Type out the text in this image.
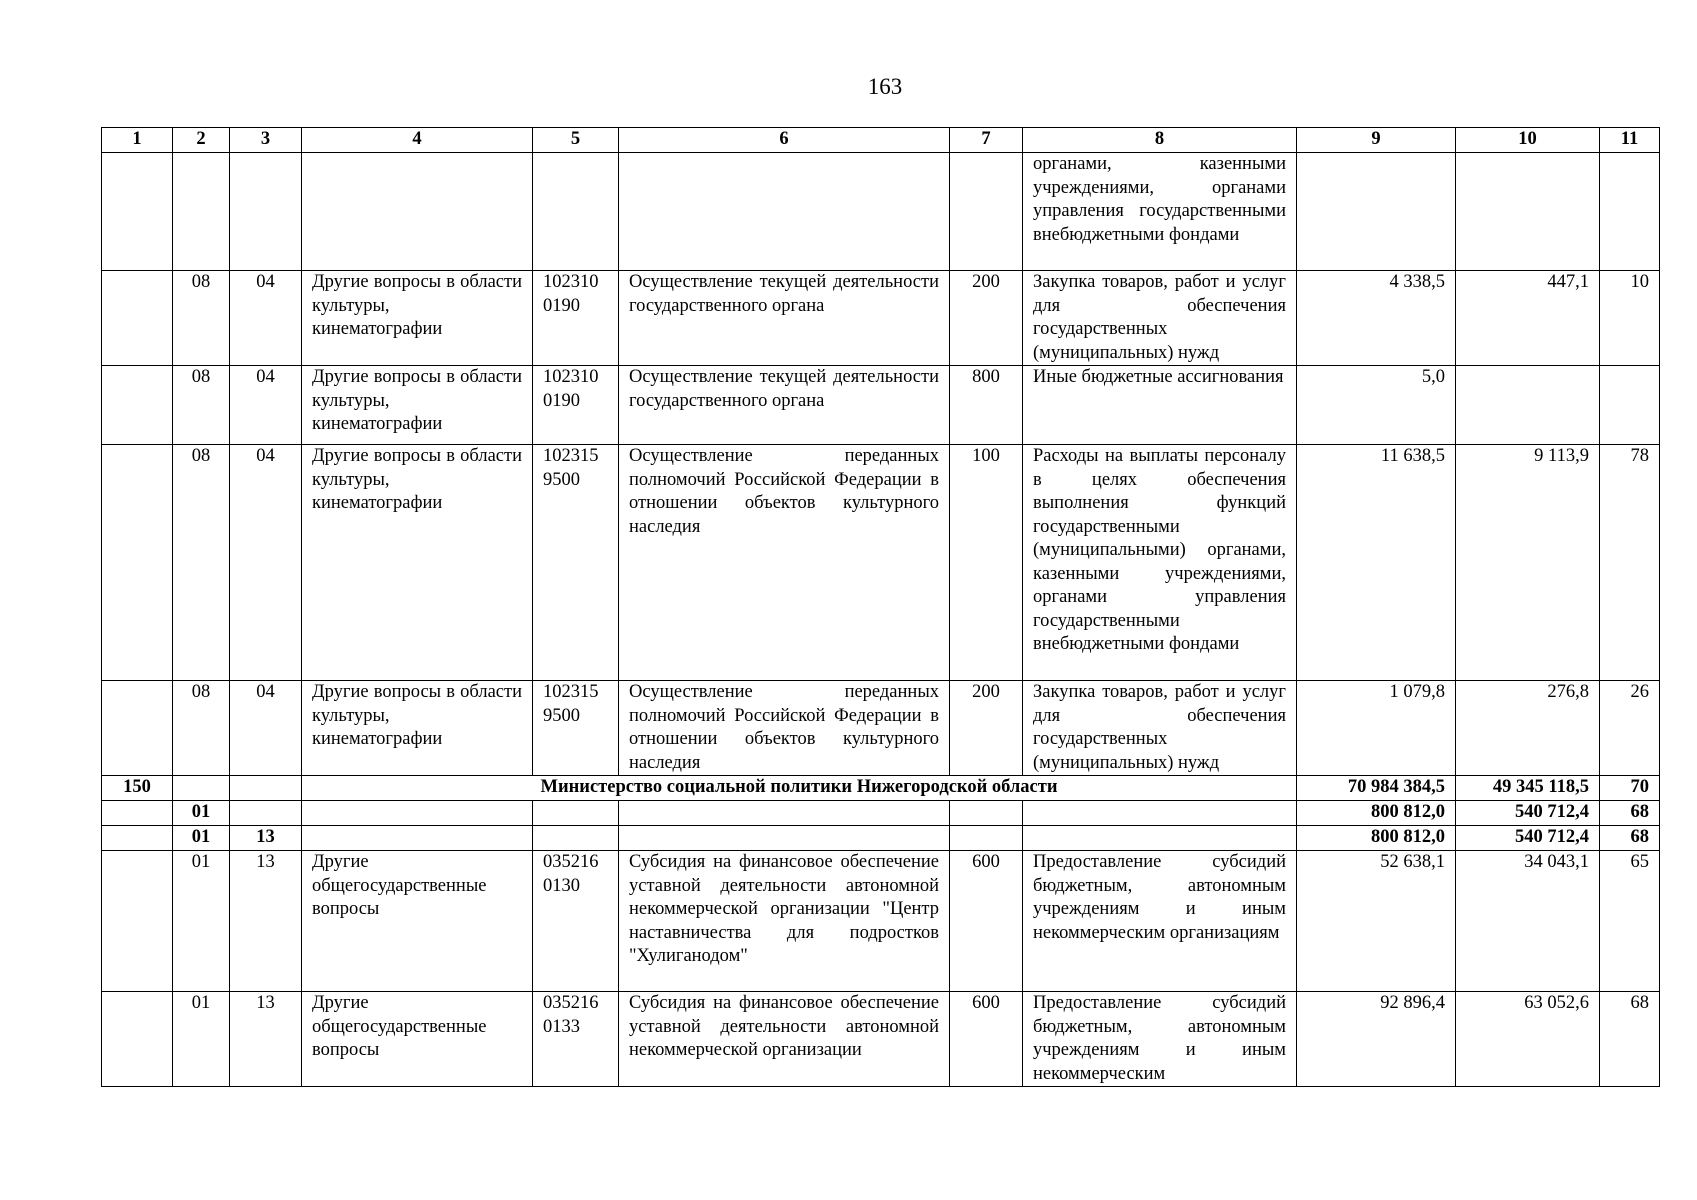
163
1	2	3	4	5	6	7	8	9	10	11
							органами, казенными учреждениями, органами управления государственными внебюджетными фондами			
	08	04	Другие вопросы в области культуры, кинематографии	102310 0190	Осуществление текущей деятельности государственного органа	200	Закупка товаров, работ и услуг для обеспечения государственных (муниципальных) нужд	4 338,5	447,1	10
	08	04	Другие вопросы в области культуры, кинематографии	102310 0190	Осуществление текущей деятельности государственного органа	800	Иные бюджетные ассигнования	5,0		
	08	04	Другие вопросы в области культуры, кинематографии	102315 9500	Осуществление переданных полномочий Российской Федерации в отношении объектов культурного наследия	100	Расходы на выплаты персоналу в целях обеспечения выполнения функций государственными (муниципальными) органами, казенными учреждениями, органами управления государственными внебюджетными фондами	11 638,5	9 113,9	78
	08	04	Другие вопросы в области культуры, кинематографии	102315 9500	Осуществление переданных полномочий Российской Федерации в отношении объектов культурного наследия	200	Закупка товаров, работ и услуг для обеспечения государственных (муниципальных) нужд	1 079,8	276,8	26
150			Министерство социальной политики Нижегородской области					70 984 384,5	49 345 118,5	70
	01							800 812,0	540 712,4	68
	01	13						800 812,0	540 712,4	68
	01	13	Другие общегосударственные вопросы	035216 0130	Субсидия на финансовое обеспечение уставной деятельности автономной некоммерческой организации "Центр наставничества для подростков "Хулиганодом"	600	Предоставление субсидий бюджетным, автономным учреждениям и иным некоммерческим организациям	52 638,1	34 043,1	65
	01	13	Другие общегосударственные вопросы	035216 0133	Субсидия на финансовое обеспечение уставной деятельности автономной некоммерческой организации	600	Предоставление субсидий бюджетным, автономным учреждениям и иным некоммерческим	92 896,4	63 052,6	68
